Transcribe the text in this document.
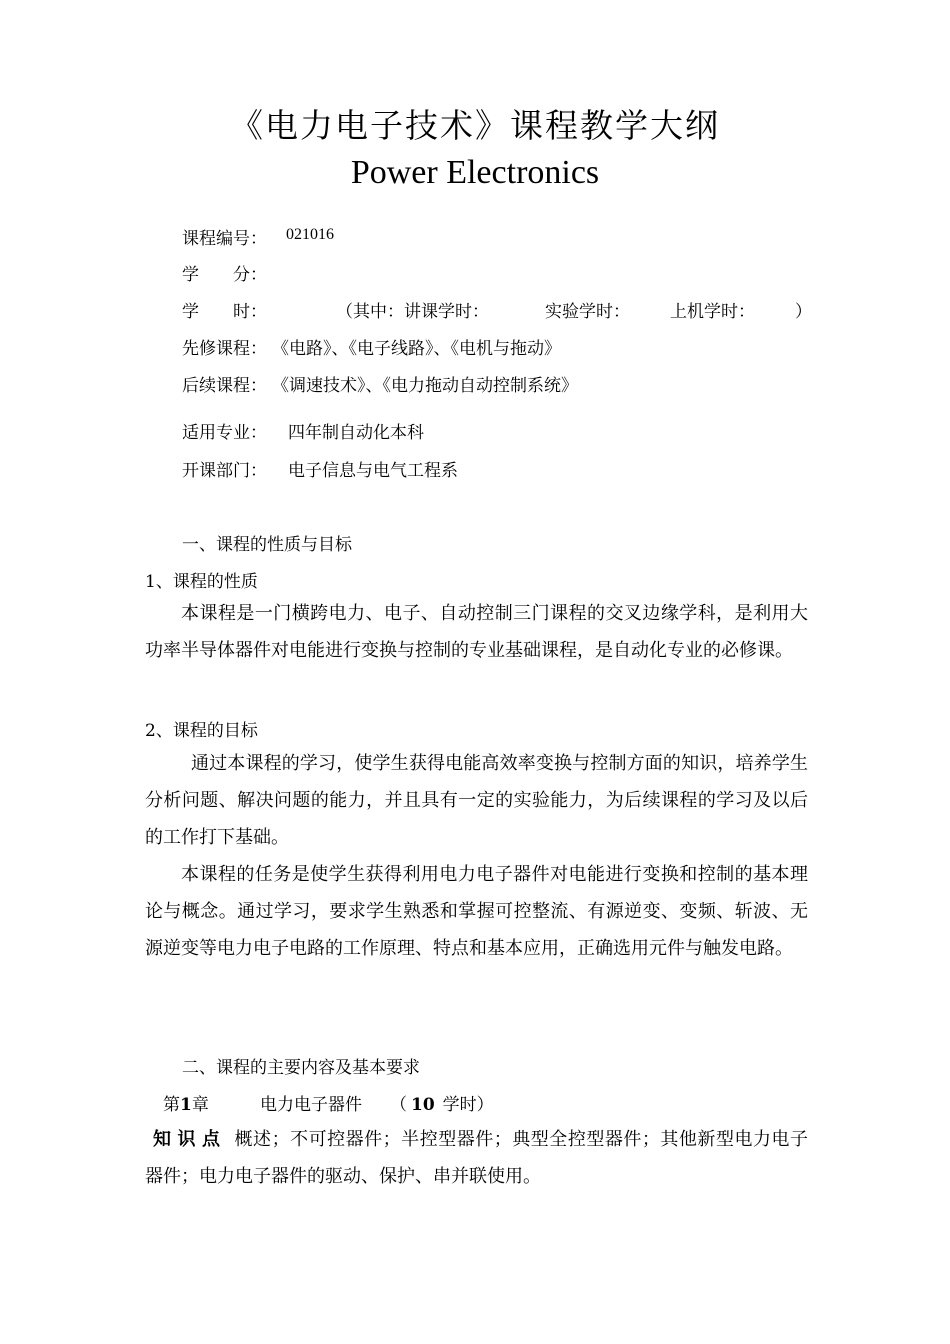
《电力电子技术》课程教学大纲
Power Electronics
课程编号： 021016
学　　分：
学　　时：	（其中：讲课学时：	实验学时： 上机学时： ）
先修课程： 《电路》、《电子线路》、《电机与拖动》
后续课程： 《调速技术》、《电力拖动自动控制系统》
适用专业： 四年制自动化本科
开课部门： 电子信息与电气工程系
一、课程的性质与目标
1、课程的性质
本课程是一门横跨电力、电子、自动控制三门课程的交叉边缘学科，是利用大功率半导体器件对电能进行变换与控制的专业基础课程，是自动化专业的必修课。
2、课程的目标
通过本课程的学习，使学生获得电能高效率变换与控制方面的知识，培养学生分析问题、解决问题的能力，并且具有一定的实验能力，为后续课程的学习及以后的工作打下基础。
本课程的任务是使学生获得利用电力电子器件对电能进行变换和控制的基本理论与概念。通过学习，要求学生熟悉和掌握可控整流、有源逆变、变频、斩波、无源逆变等电力电子电路的工作原理、特点和基本应用，正确选用元件与触发电路。
二、课程的主要内容及基本要求
第1章	电力电子器件 （ 10 学时）
知识点 概述；不可控器件；半控型器件；典型全控型器件；其他新型电力电子器件；电力电子器件的驱动、保护、串并联使用。
